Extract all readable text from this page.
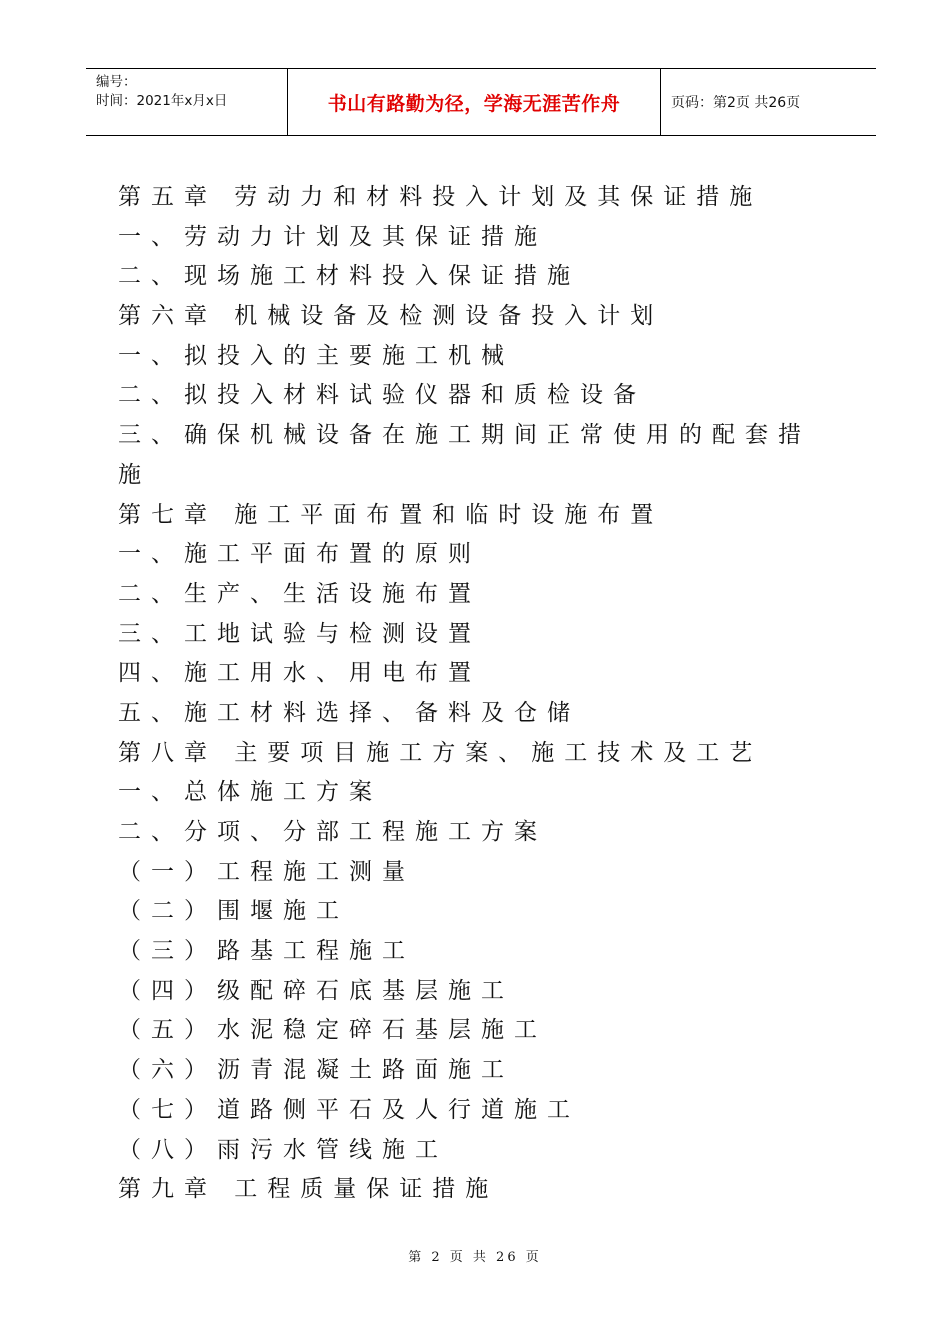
编号：
时间：2021年x月x日	书山有路勤为径，学海无涯苦作舟	页码：第2页 共26页
第五章 劳动力和材料投入计划及其保证措施
一、劳动力计划及其保证措施
二、现场施工材料投入保证措施
第六章 机械设备及检测设备投入计划
一、拟投入的主要施工机械
二、拟投入材料试验仪器和质检设备
三、确保机械设备在施工期间正常使用的配套措
施
第七章 施工平面布置和临时设施布置
一、施工平面布置的原则
二、生产、生活设施布置
三、工地试验与检测设置
四、施工用水、用电布置
五、施工材料选择、备料及仓储
第八章 主要项目施工方案、施工技术及工艺
一、总体施工方案
二、分项、分部工程施工方案
（一）工程施工测量
（二）围堰施工
（三）路基工程施工
（四）级配碎石底基层施工
（五）水泥稳定碎石基层施工
（六）沥青混凝土路面施工
（七）道路侧平石及人行道施工
（八）雨污水管线施工
第九章 工程质量保证措施
第 2 页 共 26 页
